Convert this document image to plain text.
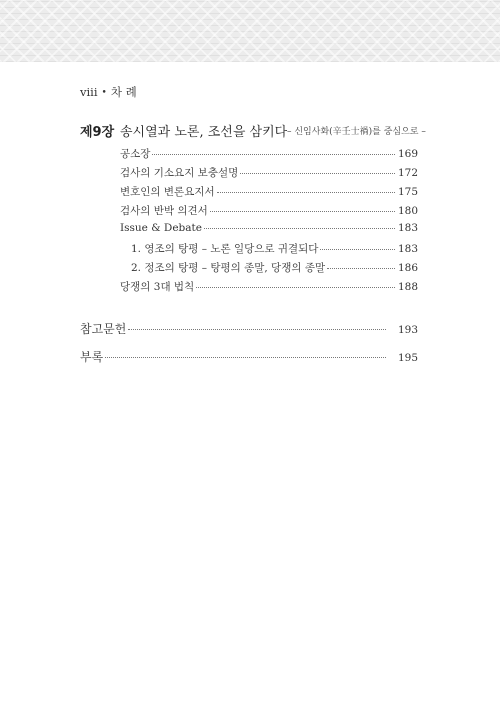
viii • 차 례
제9장 송시열과 노론, 조선을 삼키다 – 신임사화(辛壬士禍)를 중심으로 –
공소장	169
검사의 기소요지 보충설명	172
변호인의 변론요지서	175
검사의 반박 의견서	180
Issue & Debate	183
1. 영조의 탕평 – 노론 일당으로 귀결되다	183
2. 정조의 탕평 – 탕평의 종말, 당쟁의 종말	186
당쟁의 3대 법칙	188
참고문헌	193
부록	195
